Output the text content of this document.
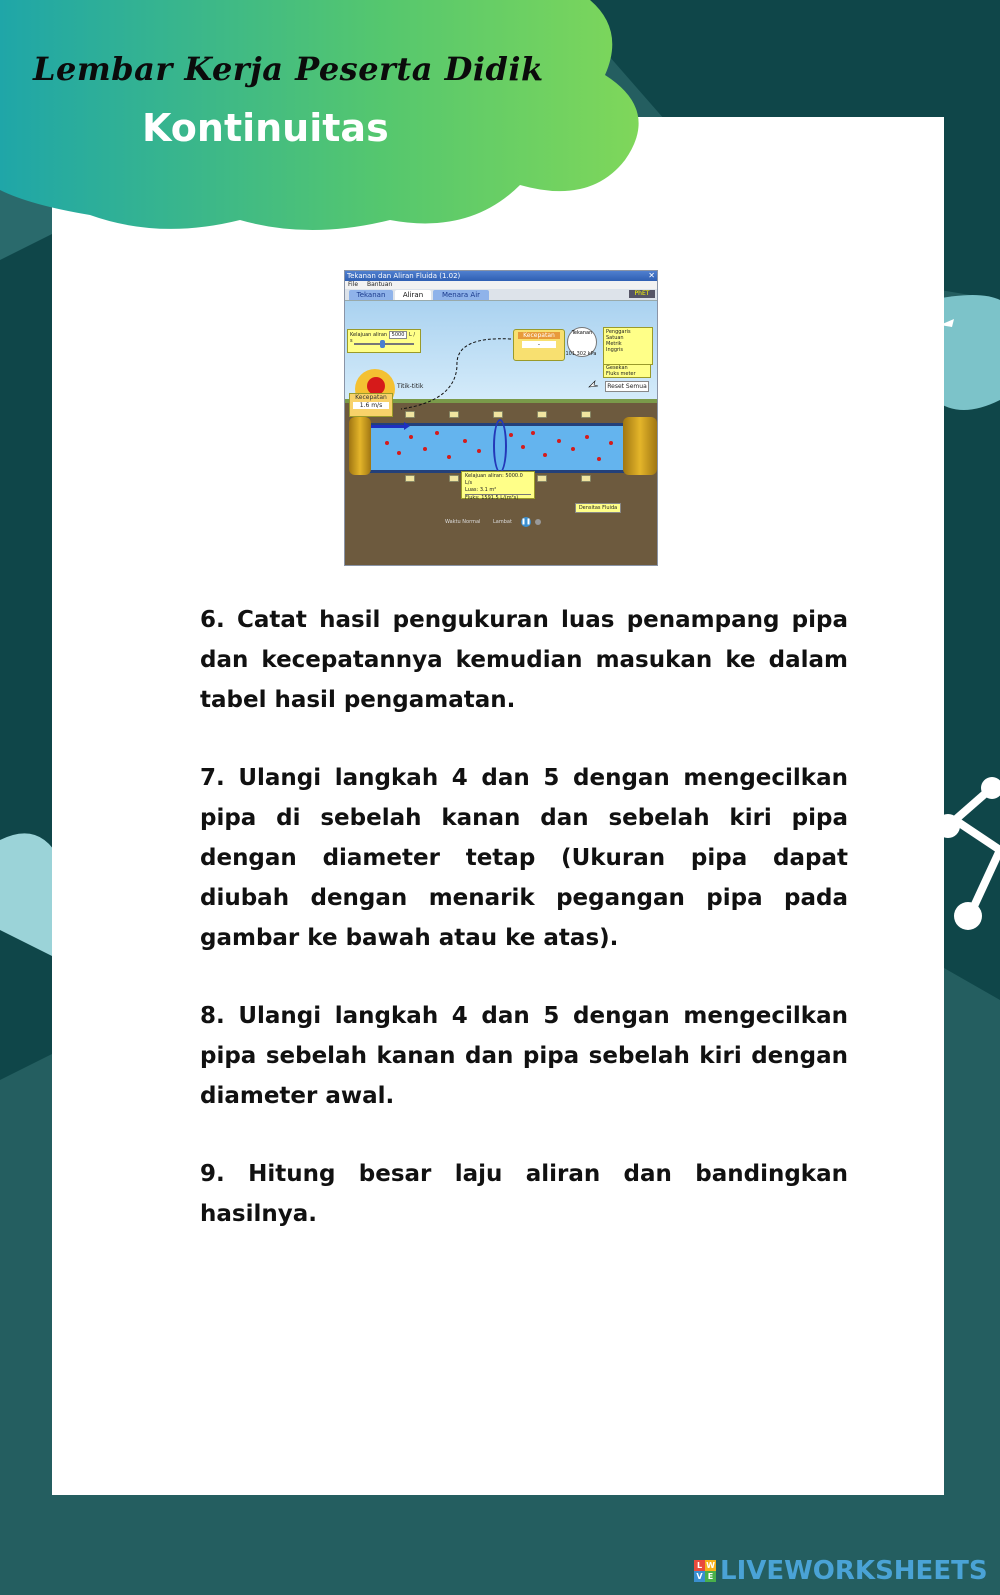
Lembar Kerja Peserta Didik
Kontinuitas
Tekanan dan Aliran Fluida (1.02)	✕
File Bantuan
Tekanan	Aliran	Menara Air	PhET
Kelajuan aliran 5000 L / s
Kecepatan
-
Tekanan
101.302 kPa
Penggaris
Satuan
Metrik
Inggris
Gesekan
Fluks meter
Reset Semua
Titik-titik
Kecepatan
1.6 m/s
Kelajuan aliran: 5000.0 L/s
Luas: 3.1 m²
Fluks: 1591.5 L/(m²s)
Densitas Fluida
Waktu Normal	Lambat ❚❚
6. Catat hasil pengukuran luas penampang pipa dan kecepatannya kemudian masukan ke dalam tabel hasil pengamatan.
7. Ulangi langkah 4 dan 5 dengan mengecilkan pipa di sebelah kanan dan sebelah kiri pipa dengan diameter tetap (Ukuran pipa dapat diubah dengan menarik pegangan pipa pada gambar ke bawah atau ke atas).
8. Ulangi langkah 4 dan 5 dengan mengecilkan pipa sebelah kanan dan pipa sebelah kiri dengan diameter awal.
9. Hitung besar laju aliran dan bandingkan hasilnya.
L W
V E LIVEWORKSHEETS
